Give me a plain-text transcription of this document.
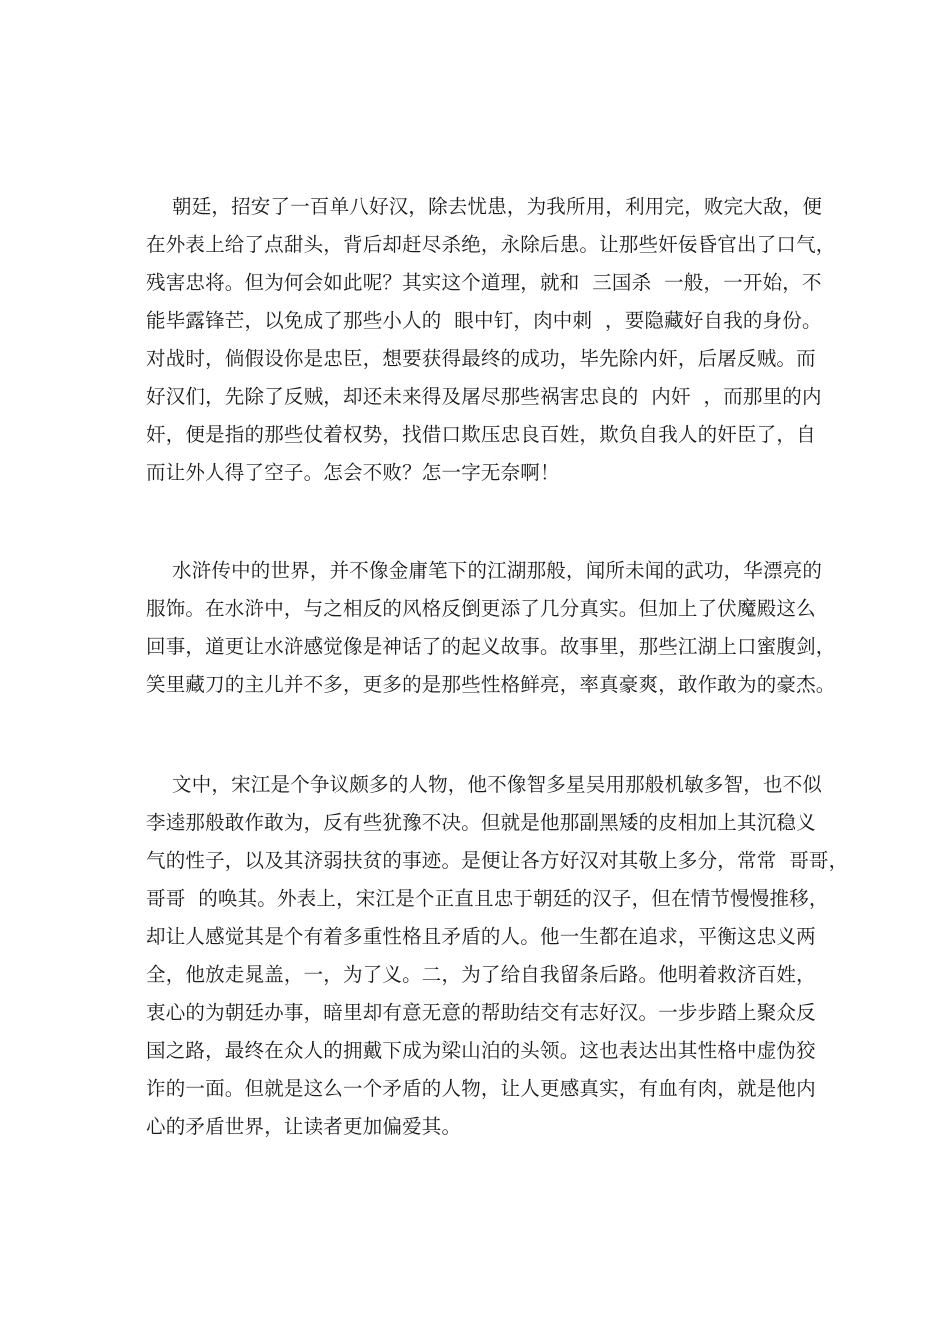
朝廷，招安了一百单八好汉，除去忧患，为我所用，利用完，败完大敌，便
在外表上给了点甜头，背后却赶尽杀绝，永除后患。让那些奸佞昏官出了口气，
残害忠将。但为何会如此呢？其实这个道理，就和  三国杀  一般，一开始，不
能毕露锋芒，以免成了那些小人的  眼中钉，肉中刺  ，要隐藏好自我的身份。
对战时，倘假设你是忠臣，想要获得最终的成功，毕先除内奸，后屠反贼。而
好汉们，先除了反贼，却还未来得及屠尽那些祸害忠良的  内奸  ，而那里的内
奸，便是指的那些仗着权势，找借口欺压忠良百姓，欺负自我人的奸臣了，自
而让外人得了空子。怎会不败？怎一字无奈啊！
水浒传中的世界，并不像金庸笔下的江湖那般，闻所未闻的武功，华漂亮的
服饰。在水浒中，与之相反的风格反倒更添了几分真实。但加上了伏魔殿这么
回事，道更让水浒感觉像是神话了的起义故事。故事里，那些江湖上口蜜腹剑，
笑里藏刀的主儿并不多，更多的是那些性格鲜亮，率真豪爽，敢作敢为的豪杰。
文中，宋江是个争议颇多的人物，他不像智多星吴用那般机敏多智，也不似
李逵那般敢作敢为，反有些犹豫不决。但就是他那副黑矮的皮相加上其沉稳义
气的性子，以及其济弱扶贫的事迹。是便让各方好汉对其敬上多分，常常  哥哥，
哥哥  的唤其。外表上，宋江是个正直且忠于朝廷的汉子，但在情节慢慢推移，
却让人感觉其是个有着多重性格且矛盾的人。他一生都在追求，平衡这忠义两
全，他放走晁盖，一，为了义。二，为了给自我留条后路。他明着救济百姓，
衷心的为朝廷办事，暗里却有意无意的帮助结交有志好汉。一步步踏上聚众反
国之路，最终在众人的拥戴下成为梁山泊的头领。这也表达出其性格中虚伪狡
诈的一面。但就是这么一个矛盾的人物，让人更感真实，有血有肉，就是他内
心的矛盾世界，让读者更加偏爱其。
